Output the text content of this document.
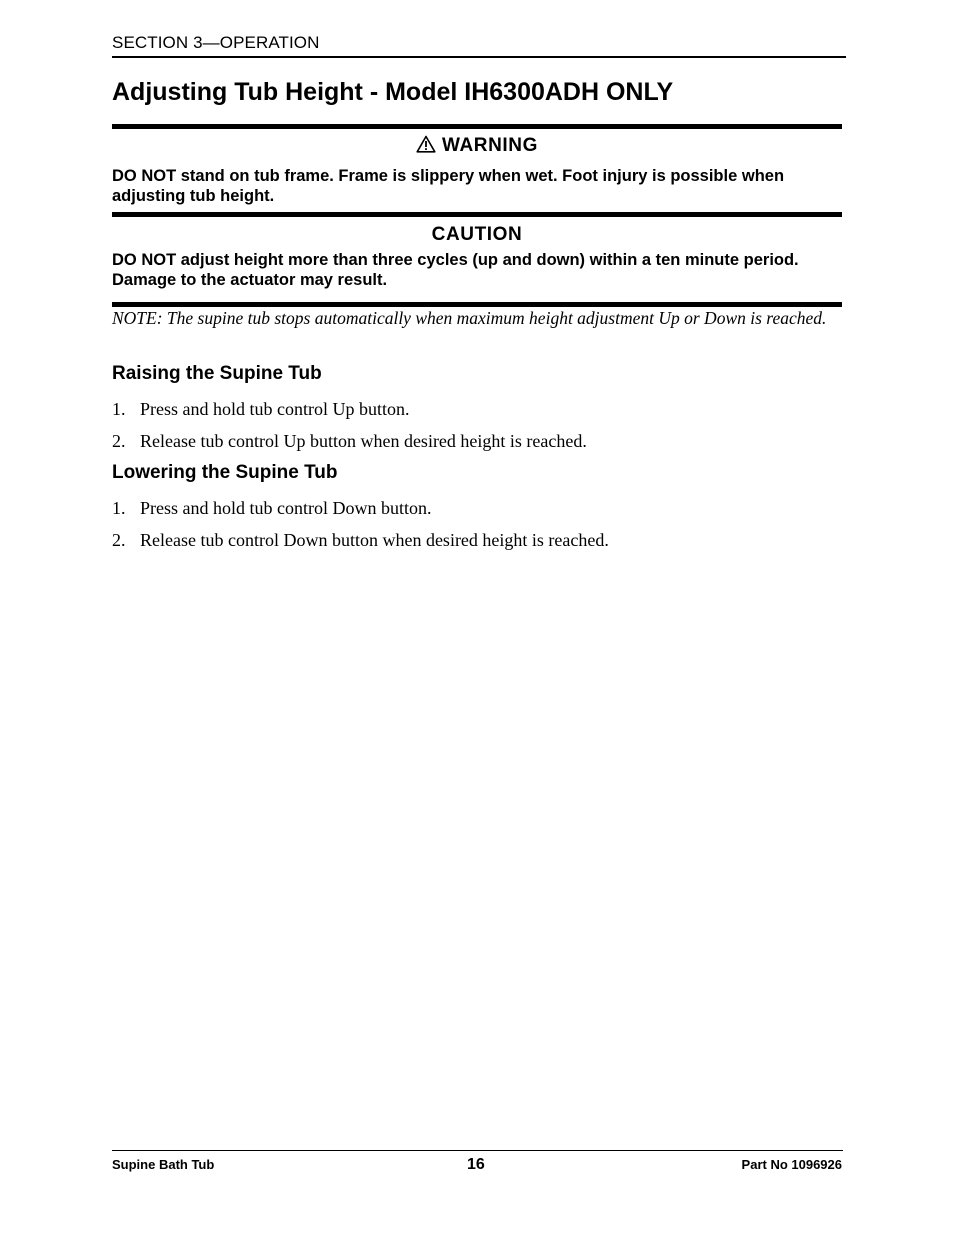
SECTION 3—OPERATION
Adjusting Tub Height - Model IH6300ADH ONLY
WARNING

DO NOT stand on tub frame. Frame is slippery when wet. Foot injury is possible when adjusting tub height.

CAUTION

DO NOT adjust height more than three cycles (up and down) within a ten minute period. Damage to the actuator may result.

NOTE: The supine tub stops automatically when maximum height adjustment Up or Down is reached.

Raising the Supine Tub
1. Press and hold tub control Up button.
2. Release tub control Up button when desired height is reached.
Lowering the Supine Tub
1. Press and hold tub control Down button.
2. Release tub control Down button when desired height is reached.
Supine Bath Tub	16	Part No 1096926
